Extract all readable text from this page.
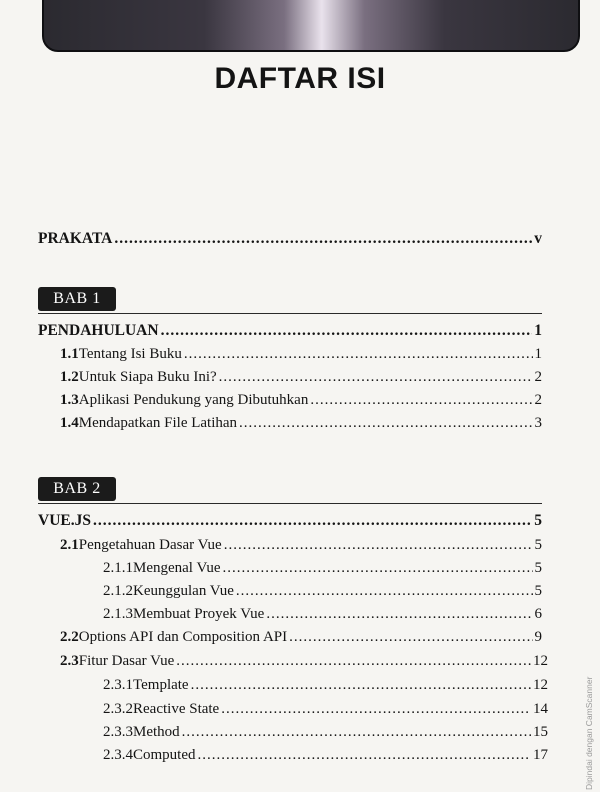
DAFTAR ISI
PRAKATA .....	v
BAB 1
PENDAHULUAN .....	1
1.1 Tentang Isi Buku .....	1
1.2 Untuk Siapa Buku Ini? .....	2
1.3 Aplikasi Pendukung yang Dibutuhkan .....	2
1.4 Mendapatkan File Latihan .....	3
BAB 2
VUE.JS .....	5
2.1 Pengetahuan Dasar Vue .....	5
2.1.1 Mengenal Vue .....	5
2.1.2 Keunggulan Vue .....	5
2.1.3 Membuat Proyek Vue .....	6
2.2 Options API dan Composition API .....	9
2.3 Fitur Dasar Vue .....	12
2.3.1 Template .....	12
2.3.2 Reactive State .....	14
2.3.3 Method .....	15
2.3.4 Computed .....	17	Dipindai dengan CamScanner
